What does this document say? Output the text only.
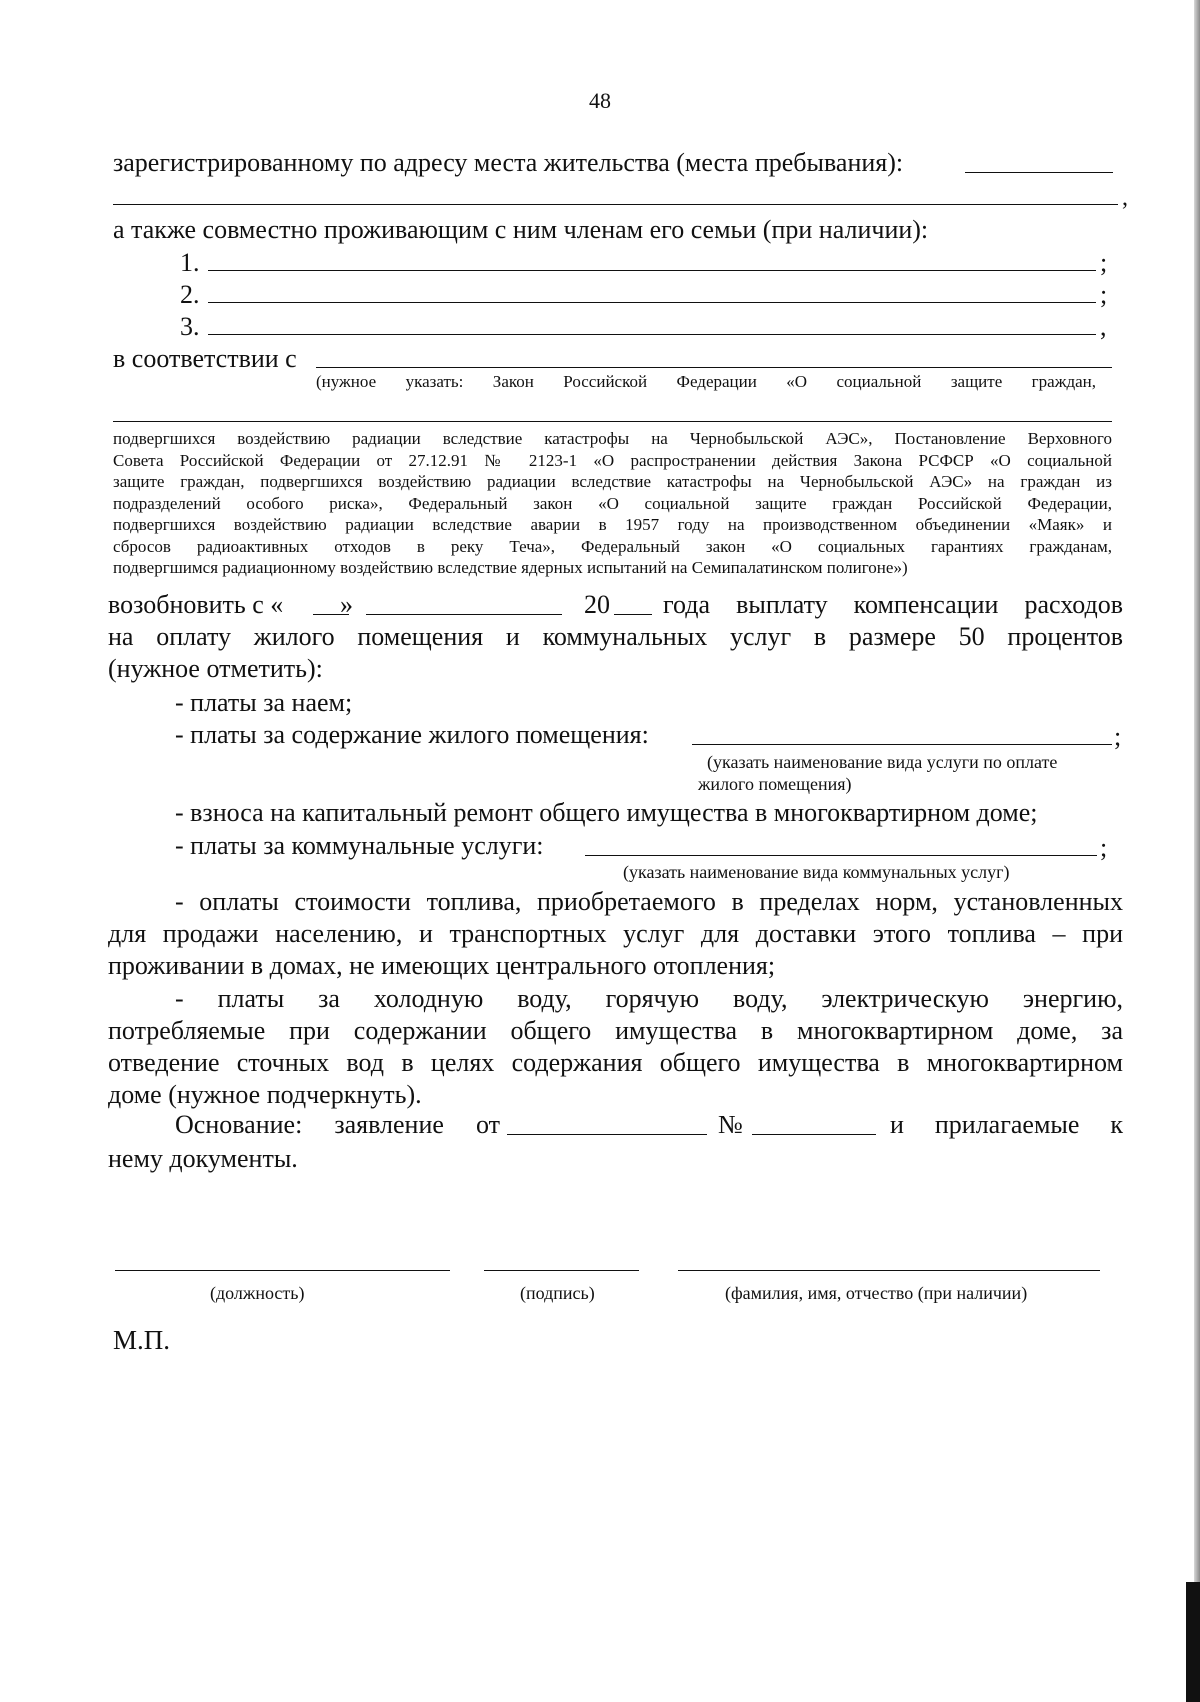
48
зарегистрированному по адресу места жительства (места пребывания):
,
а также совместно проживающим с ним членам его семьи (при наличии):
1.	;
2.	;
3.	,
в соответствии с
(нужное указать: Закон Российской Федерации «О социальной защите граждан,
подвергшихся воздействию радиации вследствие катастрофы на Чернобыльской АЭС», Постановление Верховного
Совета Российской Федерации от 27.12.91 № 2123-1 «О распространении действия Закона РСФСР «О социальной
защите граждан, подвергшихся воздействию радиации вследствие катастрофы на Чернобыльской АЭС» на граждан из
подразделений особого риска», Федеральный закон «О социальной защите граждан Российской Федерации,
подвергшихся воздействию радиации вследствие аварии в 1957 году на производственном объединении «Маяк» и
сбросов радиоактивных отходов в реку Теча», Федеральный закон «О социальных гарантиях гражданам,
подвергшимся радиационному воздействию вследствие ядерных испытаний на Семипалатинском полигоне»)
возобновить с « »	20 года выплату компенсации расходов
на оплату жилого помещения и коммунальных услуг в размере 50 процентов
(нужное отметить):
- платы за наем;
- платы за содержание жилого помещения:	;
(указать наименование вида услуги по оплате
жилого помещения)
- взноса на капитальный ремонт общего имущества в многоквартирном доме;
- платы за коммунальные услуги:	;
(указать наименование вида коммунальных услуг)
- оплаты стоимости топлива, приобретаемого в пределах норм, установленных
для продажи населению, и транспортных услуг для доставки этого топлива – при
проживании в домах, не имеющих центрального отопления;
- платы за холодную воду, горячую воду, электрическую энергию,
потребляемые при содержании общего имущества в многоквартирном доме, за
отведение сточных вод в целях содержания общего имущества в многоквартирном
доме (нужное подчеркнуть).
Основание: заявление от	№	и прилагаемые к
нему документы.
(должность)	(подпись)	(фамилия, имя, отчество (при наличии)
М.П.
